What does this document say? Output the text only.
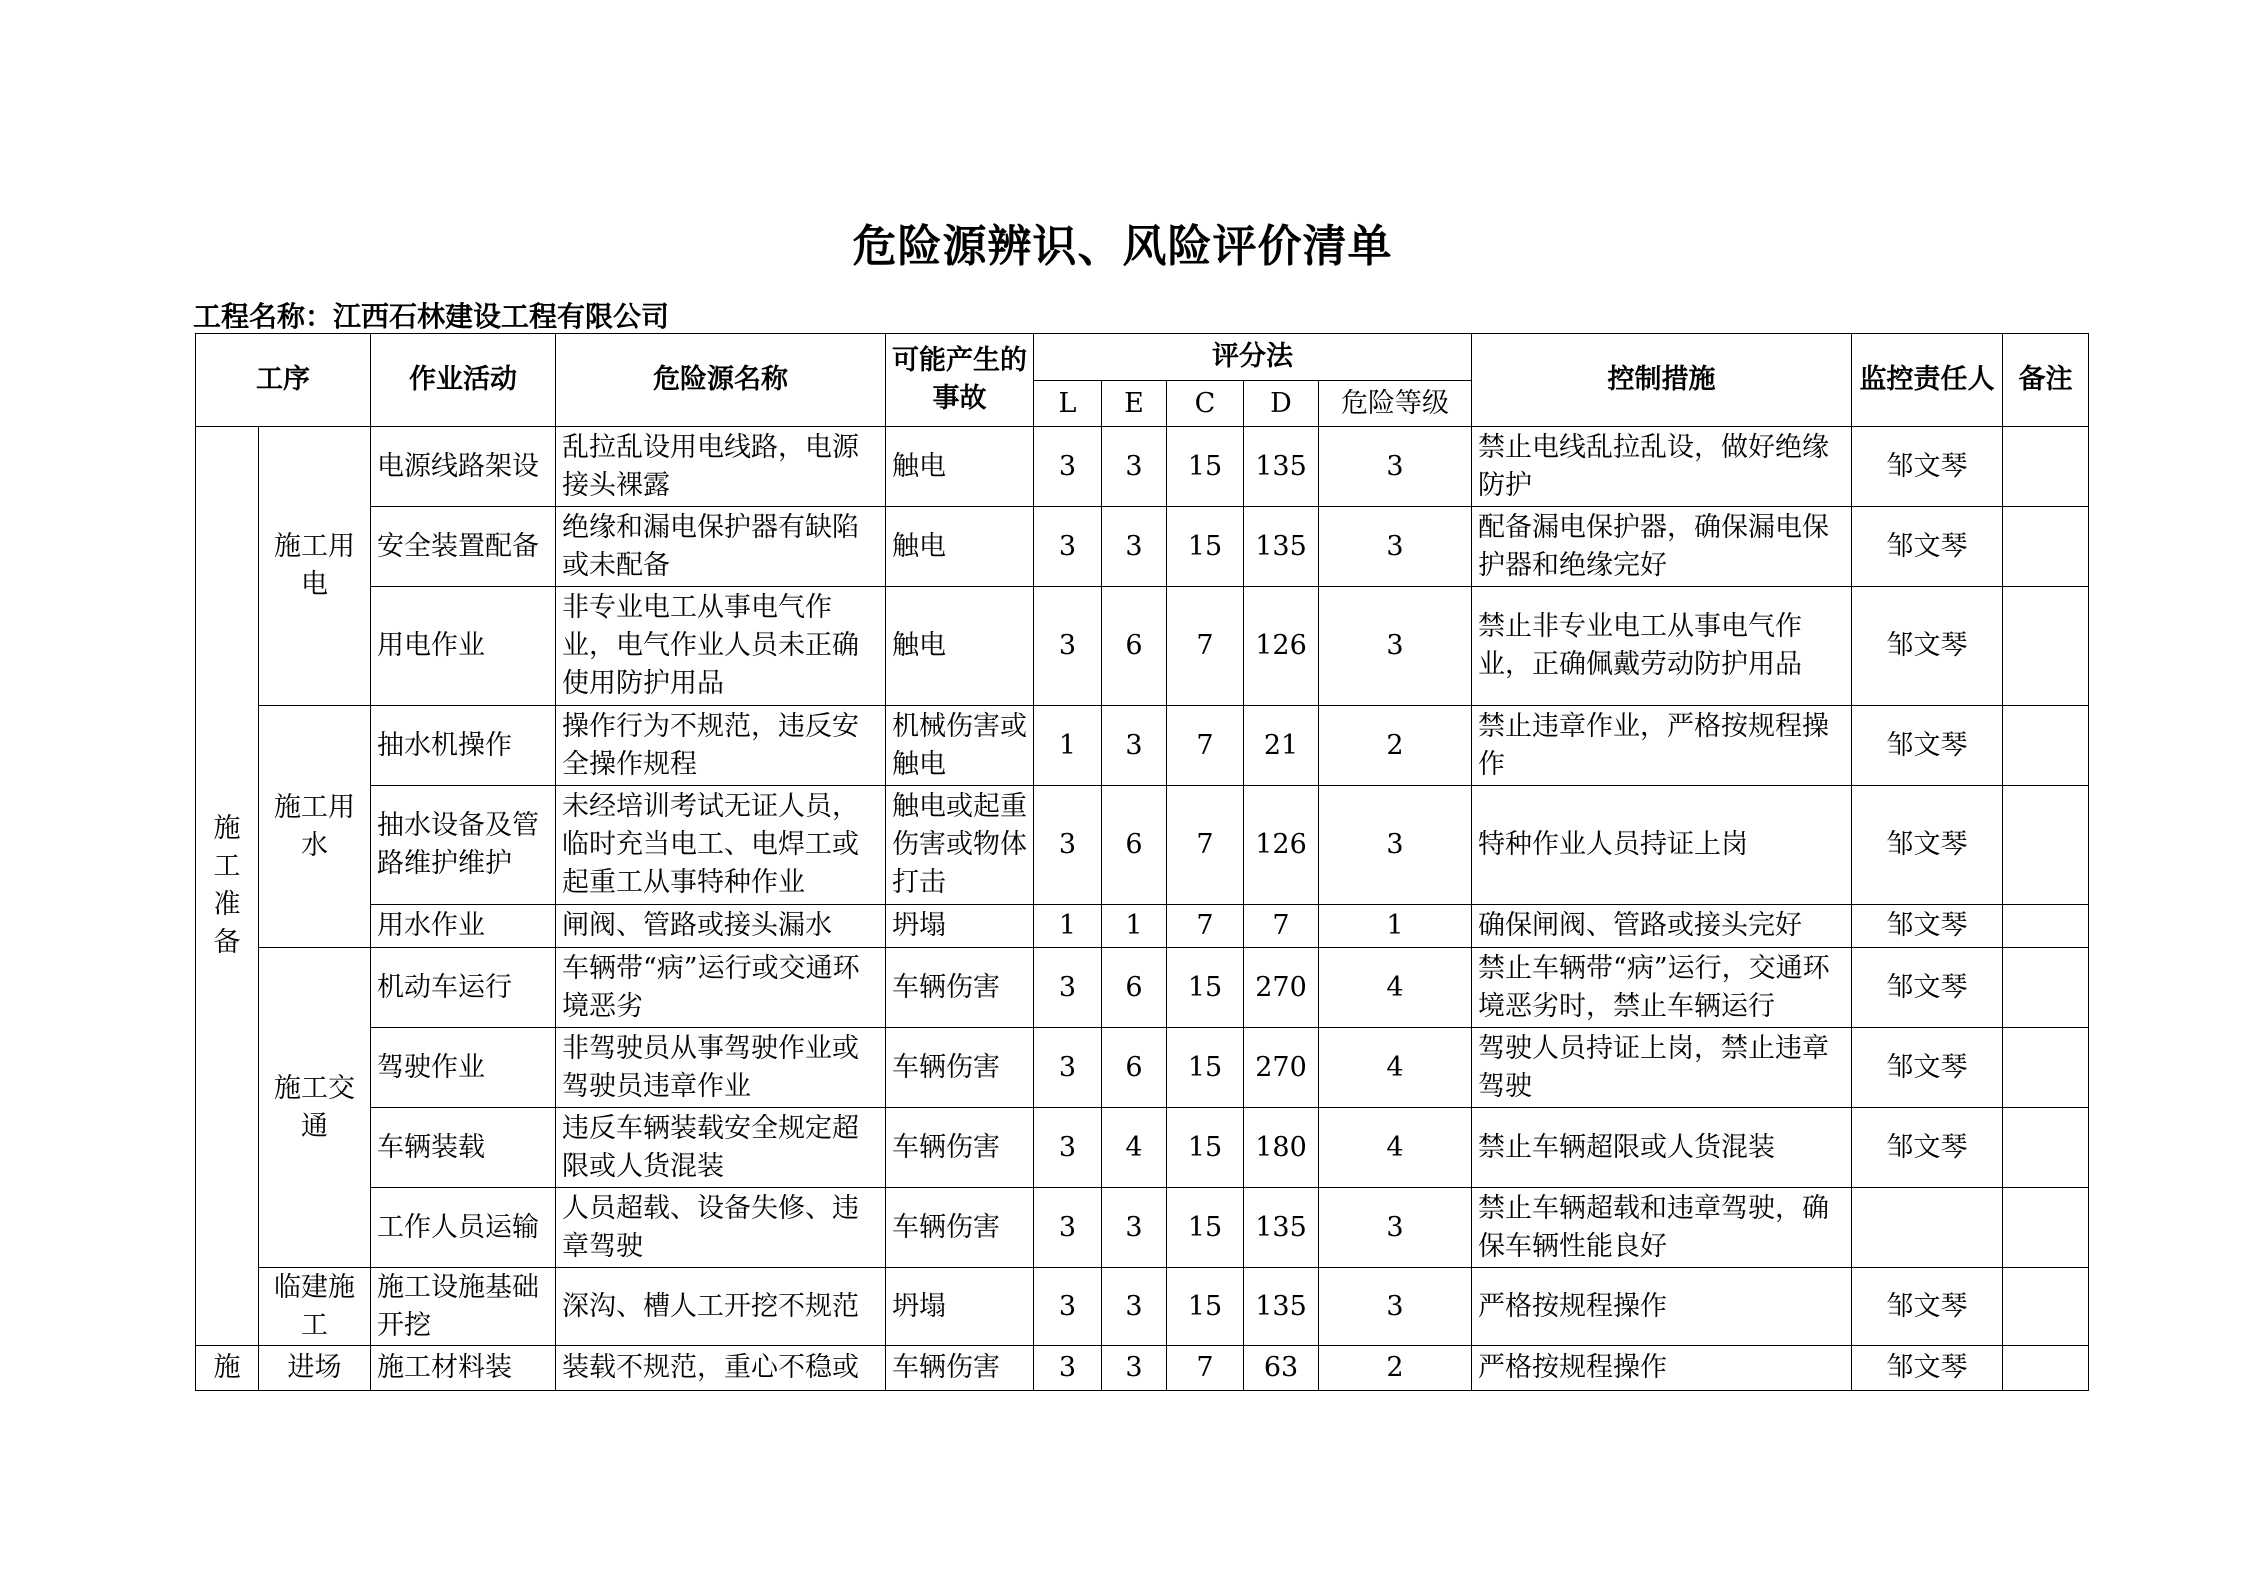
危险源辨识、风险评价清单
工程名称：江西石林建设工程有限公司
工序		作业活动	危险源名称	可能产生的事故	评分法					控制措施	监控责任人	备注
					L	E	C	D	危险等级			
施工准备	施工用电	电源线路架设	乱拉乱设用电线路，电源接头裸露	触电	3	3	15	135	3	禁止电线乱拉乱设，做好绝缘防护	邹文琴	
		安全装置配备	绝缘和漏电保护器有缺陷或未配备	触电	3	3	15	135	3	配备漏电保护器，确保漏电保护器和绝缘完好	邹文琴	
		用电作业	非专业电工从事电气作业，电气作业人员未正确使用防护用品	触电	3	6	7	126	3	禁止非专业电工从事电气作业，正确佩戴劳动防护用品	邹文琴	
	施工用水	抽水机操作	操作行为不规范，违反安全操作规程	机械伤害或触电	1	3	7	21	2	禁止违章作业，严格按规程操作	邹文琴	
		抽水设备及管路维护维护	未经培训考试无证人员，临时充当电工、电焊工或起重工从事特种作业	触电或起重伤害或物体打击	3	6	7	126	3	特种作业人员持证上岗	邹文琴	
		用水作业	闸阀、管路或接头漏水	坍塌	1	1	7	7	1	确保闸阀、管路或接头完好	邹文琴	
	施工交通	机动车运行	车辆带“病”运行或交通环境恶劣	车辆伤害	3	6	15	270	4	禁止车辆带“病”运行，交通环境恶劣时，禁止车辆运行	邹文琴	
		驾驶作业	非驾驶员从事驾驶作业或驾驶员违章作业	车辆伤害	3	6	15	270	4	驾驶人员持证上岗，禁止违章驾驶	邹文琴	
		车辆装载	违反车辆装载安全规定超限或人货混装	车辆伤害	3	4	15	180	4	禁止车辆超限或人货混装	邹文琴	
		工作人员运输	人员超载、设备失修、违章驾驶	车辆伤害	3	3	15	135	3	禁止车辆超载和违章驾驶，确保车辆性能良好		
	临建施工	施工设施基础开挖	深沟、槽人工开挖不规范	坍塌	3	3	15	135	3	严格按规程操作	邹文琴	
施	进场	施工材料装	装载不规范，重心不稳或	车辆伤害	3	3	7	63	2	严格按规程操作	邹文琴	
